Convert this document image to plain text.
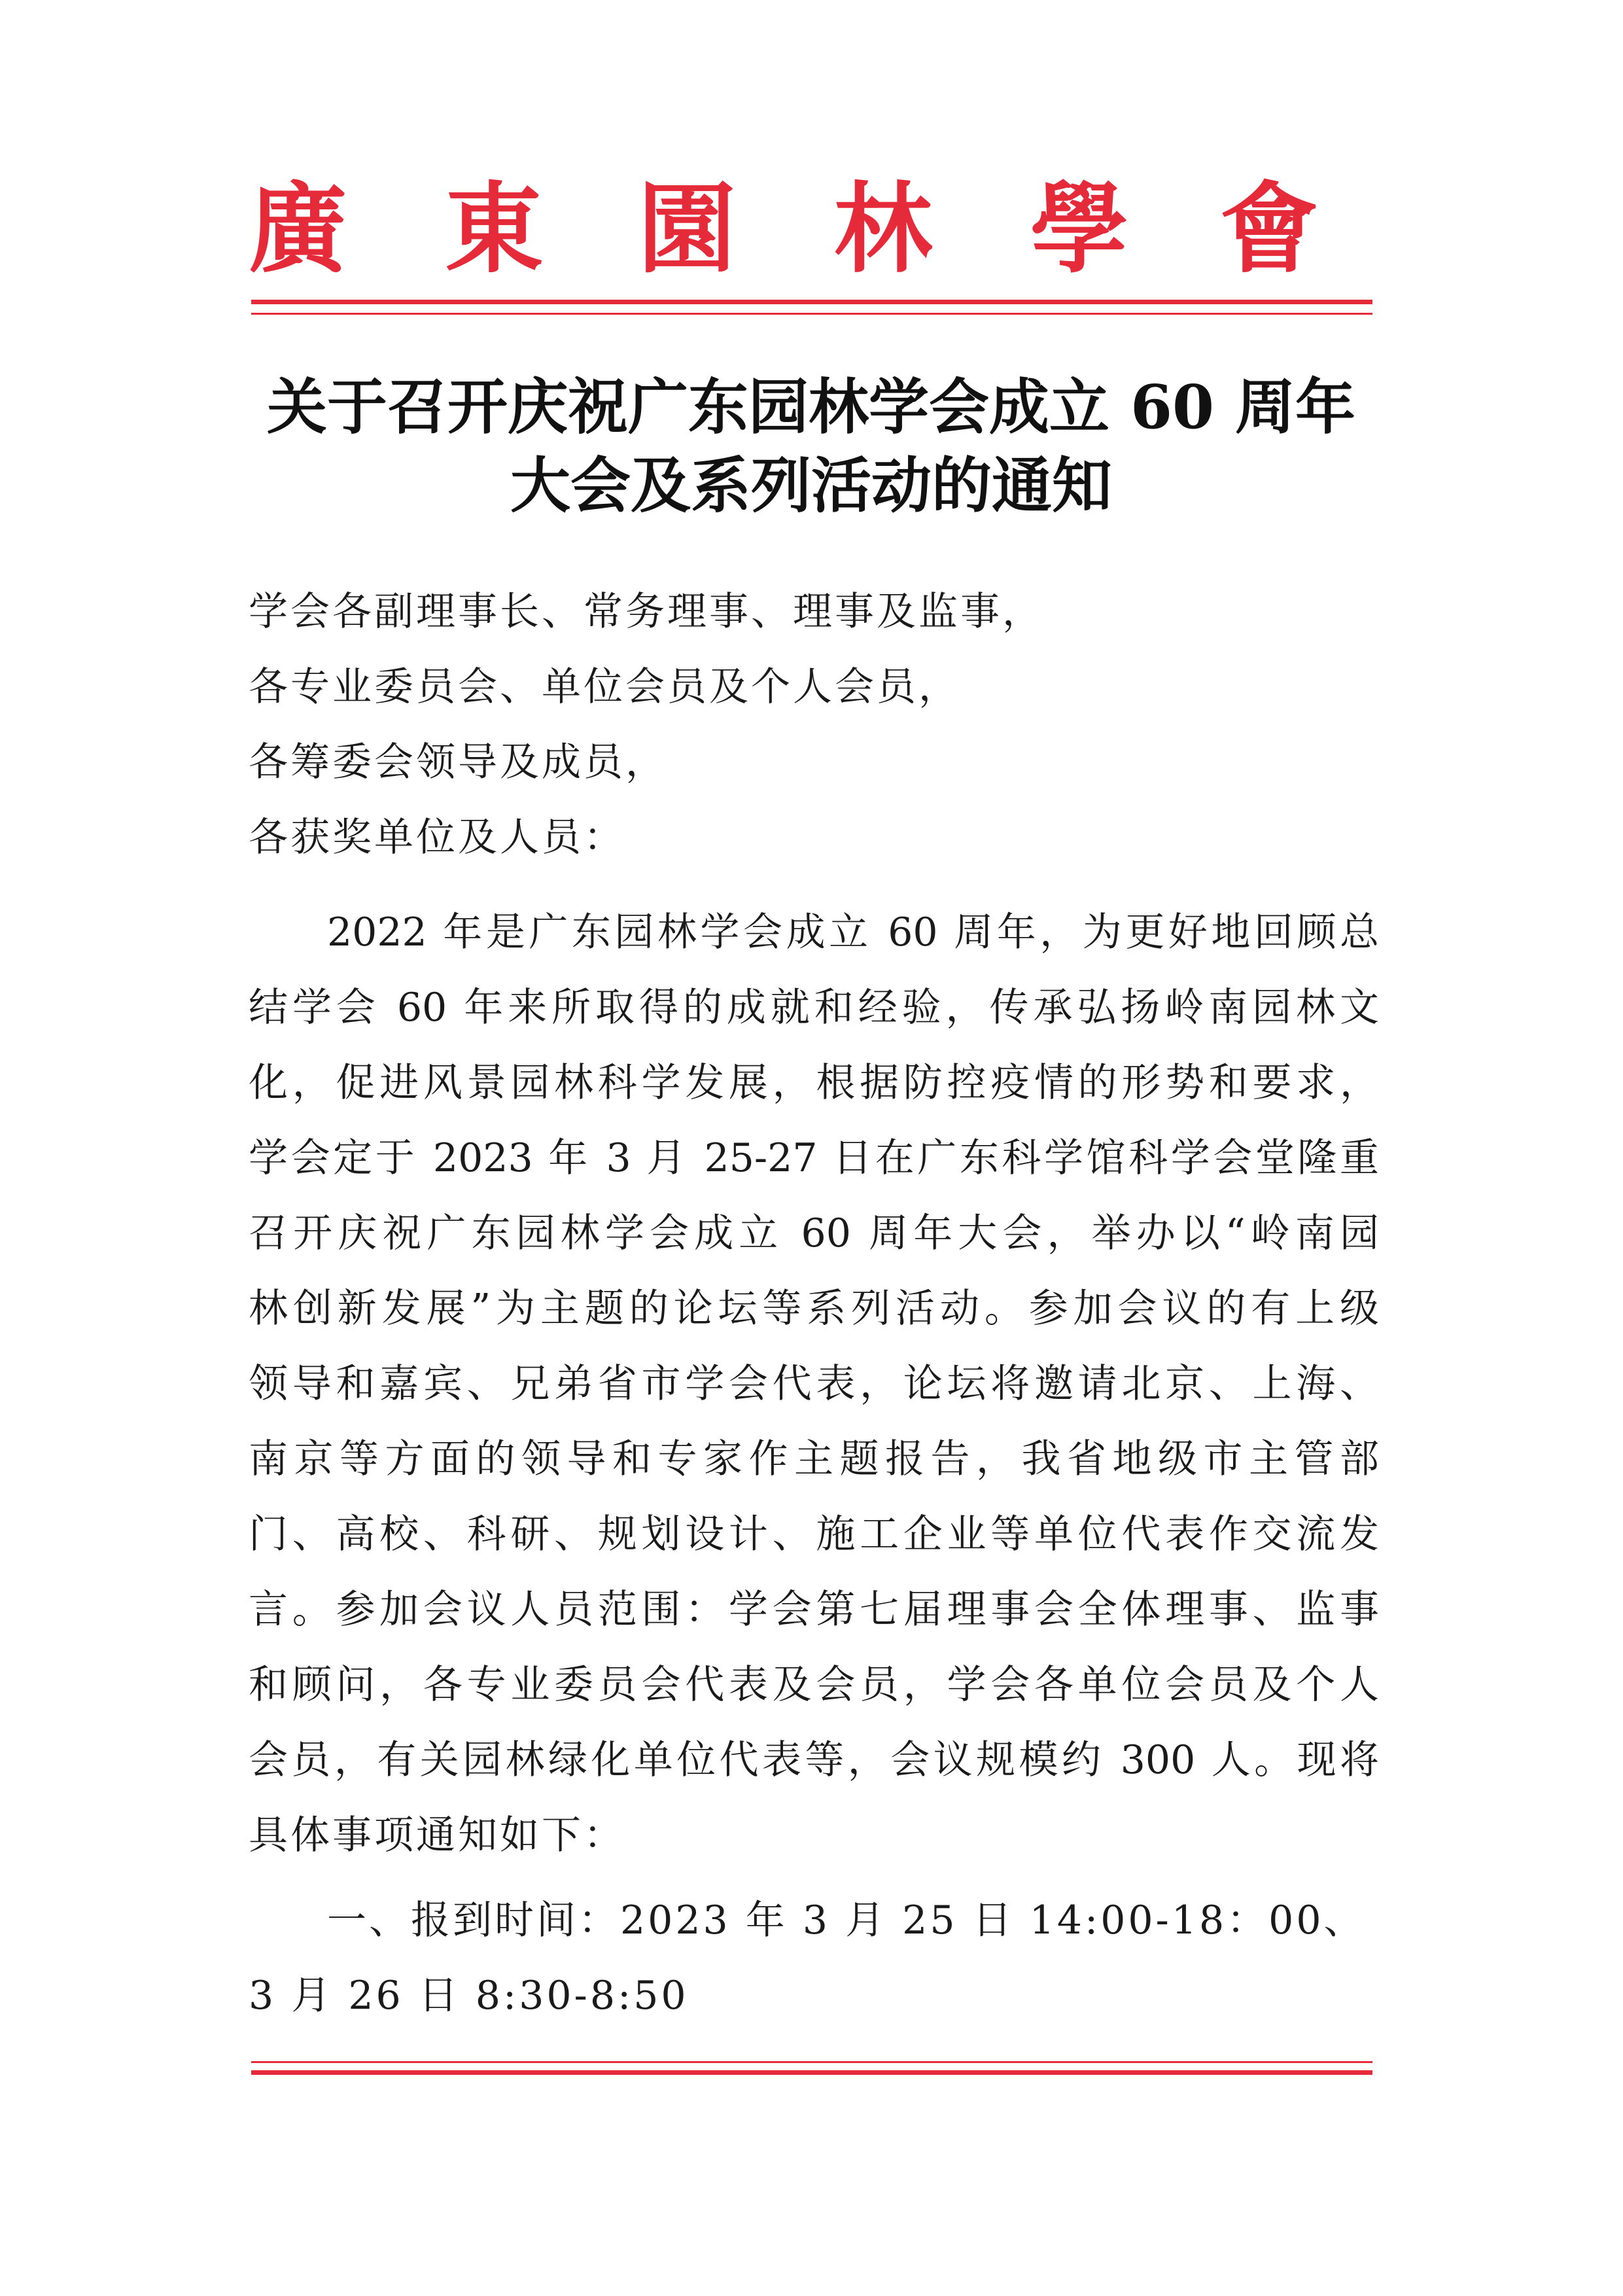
廣 東 園 林 學 會
关于召开庆祝广东园林学会成立 60 周年
大会及系列活动的通知
学会各副理事长、常务理事、理事及监事，
各专业委员会、单位会员及个人会员，
各筹委会领导及成员，
各获奖单位及人员：
2022 年是广东园林学会成立 60 周年，为更好地回顾总
结学会 60 年来所取得的成就和经验，传承弘扬岭南园林文
化，促进风景园林科学发展，根据防控疫情的形势和要求，
学会定于 2023 年 3 月 25-27 日在广东科学馆科学会堂隆重
召开庆祝广东园林学会成立 60 周年大会，举办以“岭南园
林创新发展”为主题的论坛等系列活动。参加会议的有上级
领导和嘉宾、兄弟省市学会代表，论坛将邀请北京、上海、
南京等方面的领导和专家作主题报告，我省地级市主管部
门、高校、科研、规划设计、施工企业等单位代表作交流发
言。参加会议人员范围：学会第七届理事会全体理事、监事
和顾问，各专业委员会代表及会员，学会各单位会员及个人
会员，有关园林绿化单位代表等，会议规模约 300 人。现将
具体事项通知如下：
一、报到时间：2023 年 3 月 25 日 14:00-18：00、
3 月 26 日 8:30-8:50
